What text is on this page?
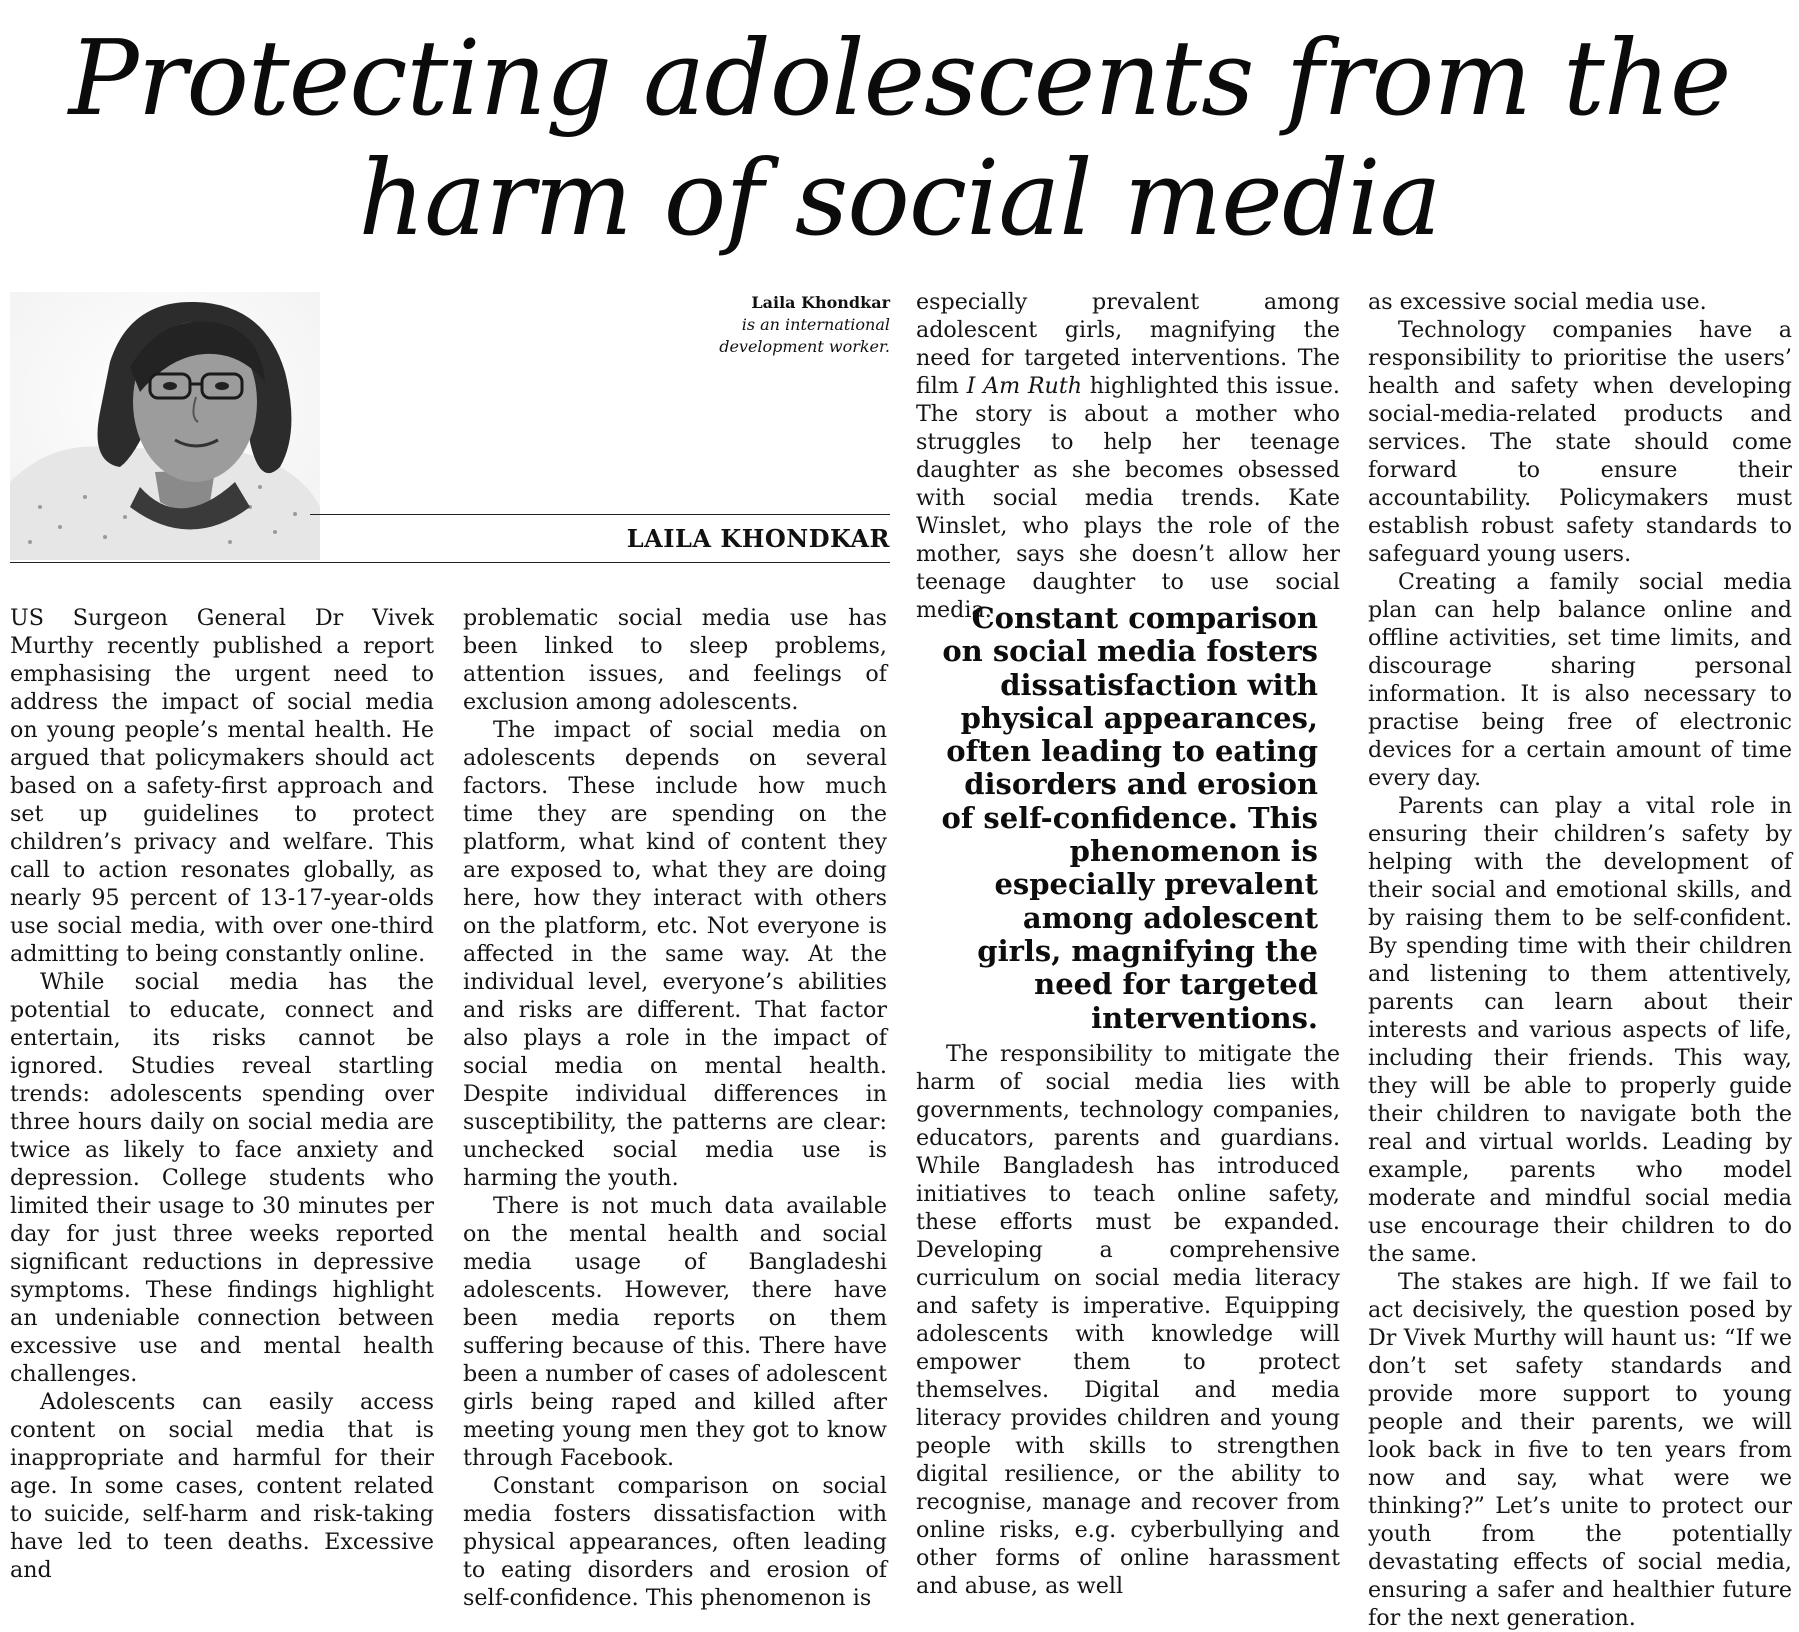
Protecting adolescents from the
harm of social media
Laila Khondkar
is an international
development worker.
LAILA KHONDKAR

US Surgeon General Dr Vivek Murthy recently published a report emphasising the urgent need to address the impact of social media on young people’s mental health. He argued that policymakers should act based on a safety-first approach and set up guidelines to protect children’s privacy and welfare. This call to action resonates globally, as nearly 95 percent of 13-17-year-olds use social media, with over one-third admitting to being constantly online.

While social media has the potential to educate, connect and entertain, its risks cannot be ignored. Studies reveal startling trends: adolescents spending over three hours daily on social media are twice as likely to face anxiety and depression. College students who limited their usage to 30 minutes per day for just three weeks reported significant reductions in depressive symptoms. These findings highlight an undeniable connection between excessive use and mental health challenges.

Adolescents can easily access content on social media that is inappropriate and harmful for their age. In some cases, content related to suicide, self-harm and risk-taking have led to teen deaths. Excessive and

problematic social media use has been linked to sleep problems, attention issues, and feelings of exclusion among adolescents.

The impact of social media on adolescents depends on several factors. These include how much time they are spending on the platform, what kind of content they are exposed to, what they are doing here, how they interact with others on the platform, etc. Not everyone is affected in the same way. At the individual level, everyone’s abilities and risks are different. That factor also plays a role in the impact of social media on mental health. Despite individual differences in susceptibility, the patterns are clear: unchecked social media use is harming the youth.

There is not much data available on the mental health and social media usage of Bangladeshi adolescents. However, there have been media reports on them suffering because of this. There have been a number of cases of adolescent girls being raped and killed after meeting young men they got to know through Facebook.

Constant comparison on social media fosters dissatisfaction with physical appearances, often leading to eating disorders and erosion of self-confidence. This phenomenon is

especially prevalent among adolescent girls, magnifying the need for targeted interventions. The film I Am Ruth highlighted this issue. The story is about a mother who struggles to help her teenage daughter as she becomes obsessed with social media trends. Kate Winslet, who plays the role of the mother, says she doesn’t allow her teenage daughter to use social media.

Constant comparison on social media fosters dissatisfaction with physical appearances, often leading to eating disorders and erosion of self-confidence. This phenomenon is especially prevalent among adolescent girls, magnifying the need for targeted interventions.

The responsibility to mitigate the harm of social media lies with governments, technology companies, educators, parents and guardians. While Bangladesh has introduced initiatives to teach online safety, these efforts must be expanded. Developing a comprehensive curriculum on social media literacy and safety is imperative. Equipping adolescents with knowledge will empower them to protect themselves. Digital and media literacy provides children and young people with skills to strengthen digital resilience, or the ability to recognise, manage and recover from online risks, e.g. cyberbullying and other forms of online harassment and abuse, as well

as excessive social media use.

Technology companies have a responsibility to prioritise the users’ health and safety when developing social-media-related products and services. The state should come forward to ensure their accountability. Policymakers must establish robust safety standards to safeguard young users.

Creating a family social media plan can help balance online and offline activities, set time limits, and discourage sharing personal information. It is also necessary to practise being free of electronic devices for a certain amount of time every day.

Parents can play a vital role in ensuring their children’s safety by helping with the development of their social and emotional skills, and by raising them to be self-confident. By spending time with their children and listening to them attentively, parents can learn about their interests and various aspects of life, including their friends. This way, they will be able to properly guide their children to navigate both the real and virtual worlds. Leading by example, parents who model moderate and mindful social media use encourage their children to do the same.

The stakes are high. If we fail to act decisively, the question posed by Dr Vivek Murthy will haunt us: “If we don’t set safety standards and provide more support to young people and their parents, we will look back in five to ten years from now and say, what were we thinking?” Let’s unite to protect our youth from the potentially devastating effects of social media, ensuring a safer and healthier future for the next generation.
